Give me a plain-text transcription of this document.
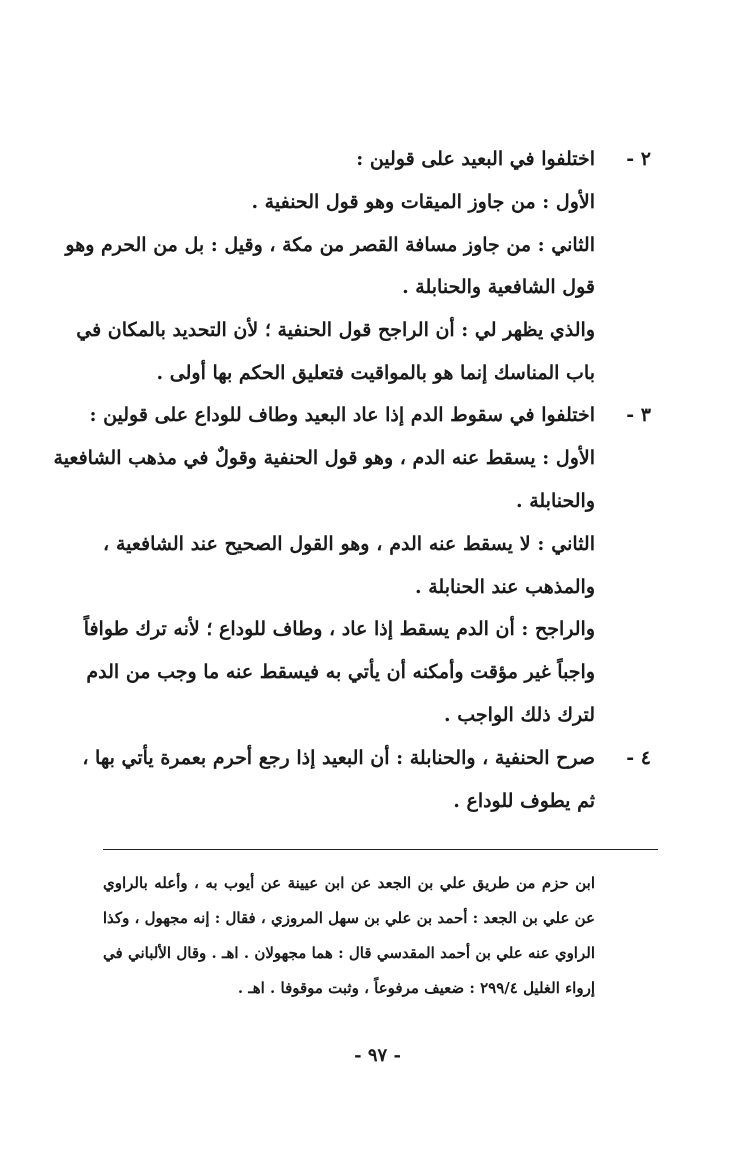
٢ -
اختلفوا في البعيد على قولين :
الأول : من جاوز الميقات وهو قول الحنفية .
الثاني : من جاوز مسافة القصر من مكة ، وقيل : بل من الحرم وهو
قول الشافعية والحنابلة .
والذي يظهر لي : أن الراجح قول الحنفية ؛ لأن التحديد بالمكان في
باب المناسك إنما هو بالمواقيت فتعليق الحكم بها أولى .
٣ -
اختلفوا في سقوط الدم إذا عاد البعيد وطاف للوداع على قولين :
الأول : يسقط عنه الدم ، وهو قول الحنفية وقولٌ في مذهب الشافعية
والحنابلة .
الثاني : لا يسقط عنه الدم ، وهو القول الصحيح عند الشافعية ،
والمذهب عند الحنابلة .
والراجح : أن الدم يسقط إذا عاد ، وطاف للوداع ؛ لأنه ترك طوافاً
واجباً غير مؤقت وأمكنه أن يأتي به فيسقط عنه ما وجب من الدم
لترك ذلك الواجب .
٤ -
صرح الحنفية ، والحنابلة : أن البعيد إذا رجع أحرم بعمرة يأتي بها ،
ثم يطوف للوداع .
ابن حزم من طريق علي بن الجعد عن ابن عيينة عن أيوب به ، وأعله بالراوي
عن علي بن الجعد : أحمد بن علي بن سهل المروزي ، فقال : إنه مجهول ، وكذا
الراوي عنه علي بن أحمد المقدسي قال : هما مجهولان . اهـ . وقال الألباني في
إرواء الغليل ٢٩٩/٤ : ضعيف مرفوعاً ، وثبت موقوفا . اهـ .
- ٩٧ -
